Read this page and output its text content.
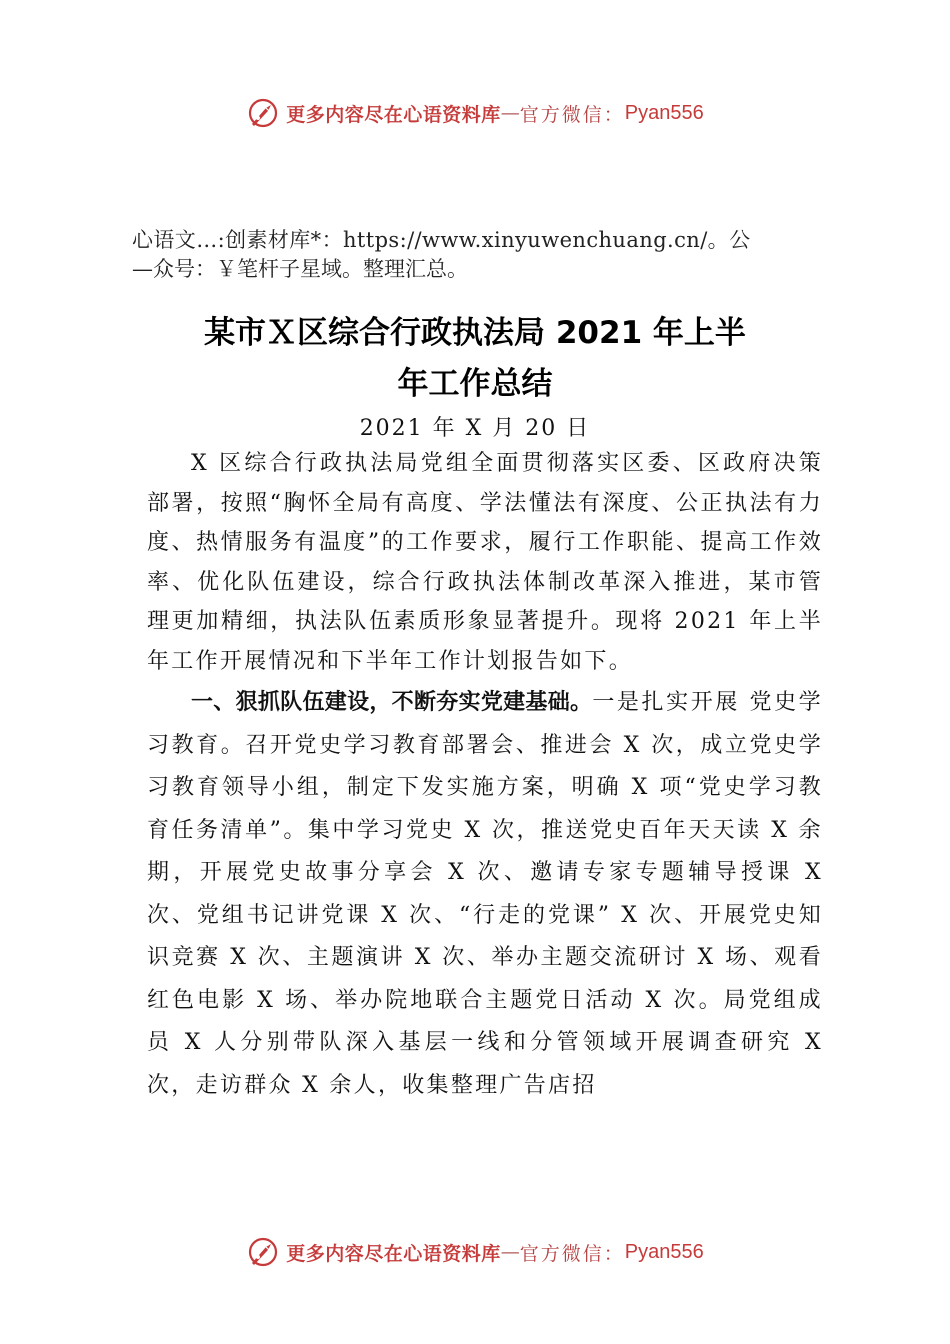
更多内容尽在心语资料库 — 官方微信： Pyan556
心语文…:创素材库*：https://www.xinyuwenchuang.cn/。公
—众号：￥笔杆子星域。整理汇总。
某市Ｘ区综合行政执法局 2021 年上半
年工作总结
2021 年 X 月 20 日

X 区综合行政执法局党组全面贯彻落实区委、区政府决策部署，按照“胸怀全局有高度、学法懂法有深度、公正执法有力度、热情服务有温度”的工作要求，履行工作职能、提高工作效率、优化队伍建设，综合行政执法体制改革深入推进，某市管理更加精细，执法队伍素质形象显著提升。现将 2021 年上半年工作开展情况和下半年工作计划报告如下。

一、狠抓队伍建设，不断夯实党建基础。一是扎实开展 党史学习教育。召开党史学习教育部署会、推进会 X 次，成立党史学习教育领导小组，制定下发实施方案，明确 X 项“党史学习教育任务清单”。集中学习党史 X 次，推送党史百年天天读 X 余期，开展党史故事分享会 X 次、邀请专家专题辅导授课 X 次、党组书记讲党课 X 次、“行走的党课” X 次、开展党史知识竞赛 X 次、主题演讲 X 次、举办主题交流研讨 X 场、观看红色电影 X 场、举办院地联合主题党日活动 X 次。局党组成员 X 人分别带队深入基层一线和分管领域开展调查研究 X 次，走访群众 X 余人，收集整理广告店招

更多内容尽在心语资料库 — 官方微信： Pyan556
